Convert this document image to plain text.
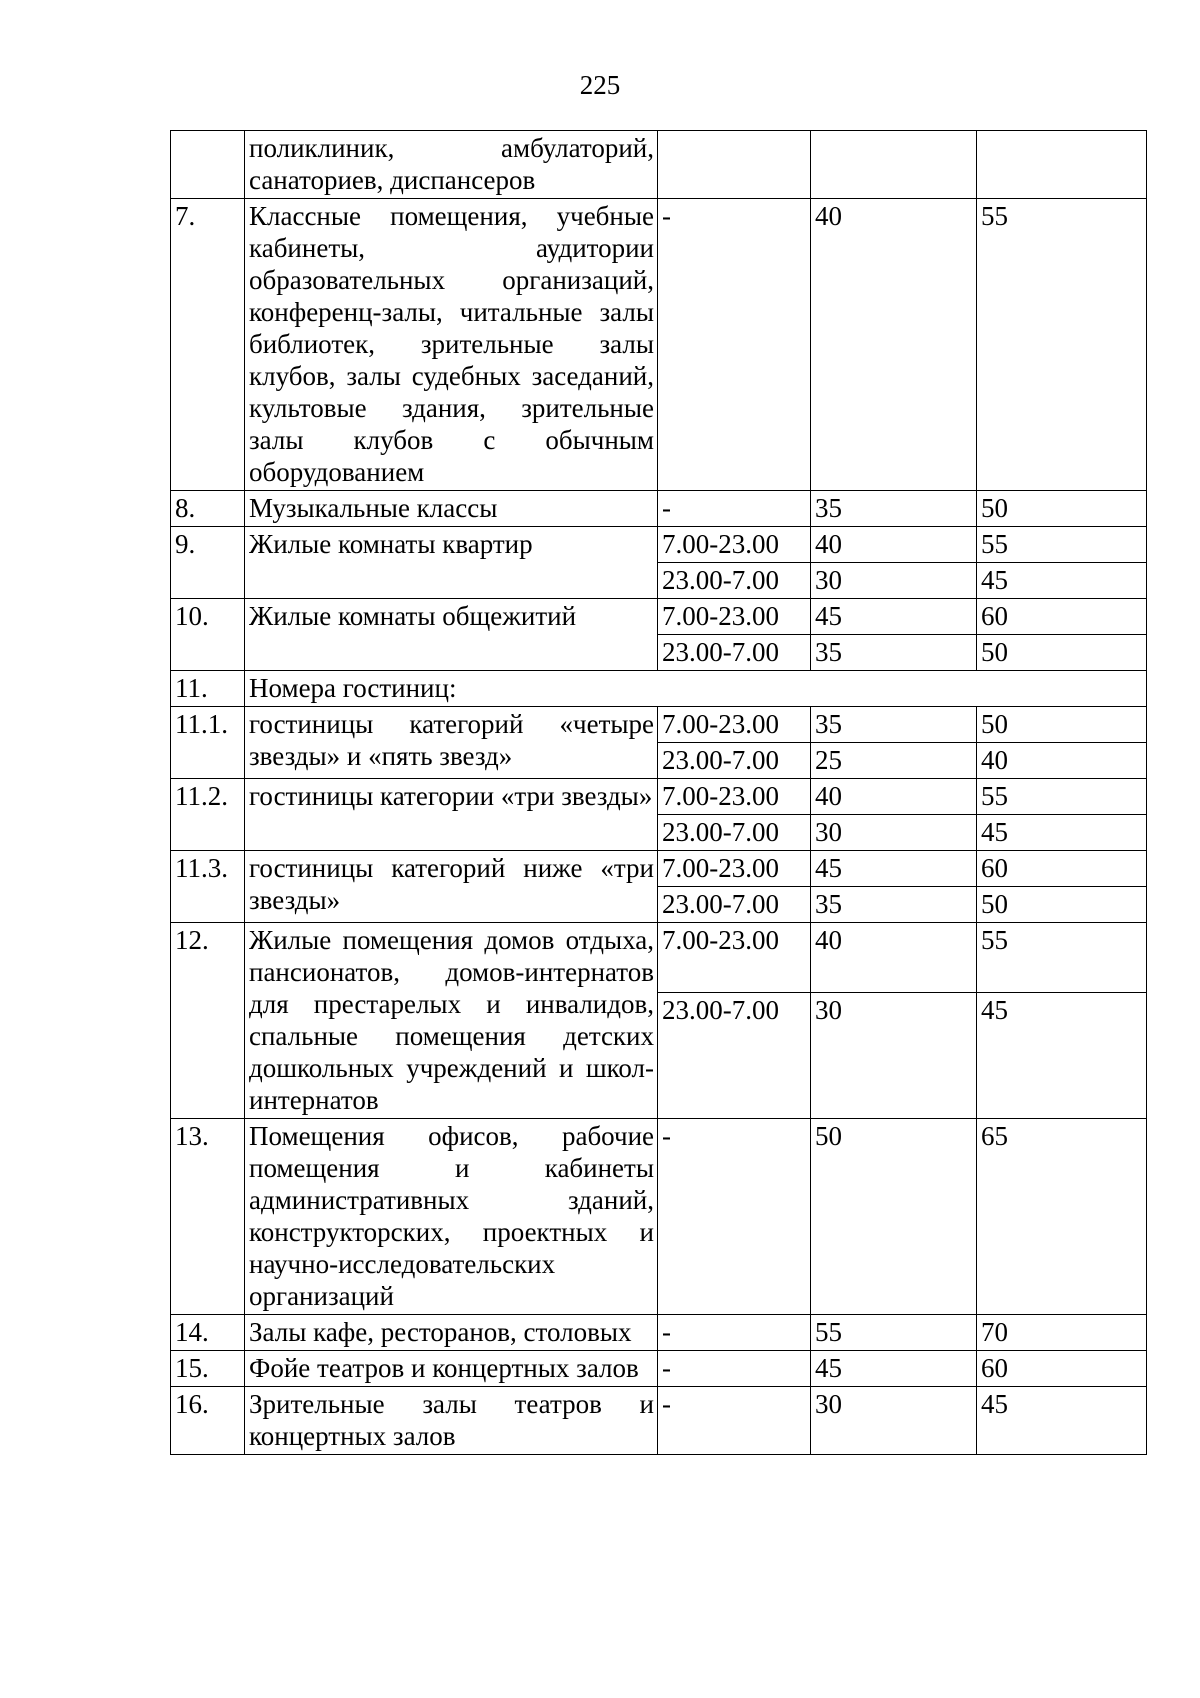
225
	поликлиник, амбулаторий, санаториев, диспансеров			
7.	Классные помещения, учебные кабинеты, аудитории образовательных организаций, конференц-залы, читальные залы библиотек, зрительные залы клубов, залы судебных заседаний, культовые здания, зрительные залы клубов с обычным оборудованием	-	40	55
8.	Музыкальные классы	-	35	50
9.	Жилые комнаты квартир	7.00-23.00	40	55
		23.00-7.00	30	45
10.	Жилые комнаты общежитий	7.00-23.00	45	60
		23.00-7.00	35	50
11.	Номера гостиниц:			
11.1.	гостиницы категорий «четыре звезды» и «пять звезд»	7.00-23.00	35	50
		23.00-7.00	25	40
11.2.	гостиницы категории «три звезды»	7.00-23.00	40	55
		23.00-7.00	30	45
11.3.	гостиницы категорий ниже «три звезды»	7.00-23.00	45	60
		23.00-7.00	35	50
12.	Жилые помещения домов отдыха, пансионатов, домов-интернатов для престарелых и инвалидов, спальные помещения детских дошкольных учреждений и школ-интернатов	7.00-23.00	40	55
		23.00-7.00	30	45
13.	Помещения офисов, рабочие помещения и кабинеты административных зданий, конструкторских, проектных и научно-исследовательских организаций	-	50	65
14.	Залы кафе, ресторанов, столовых	-	55	70
15.	Фойе театров и концертных залов	-	45	60
16.	Зрительные залы театров и концертных залов	-	30	45
